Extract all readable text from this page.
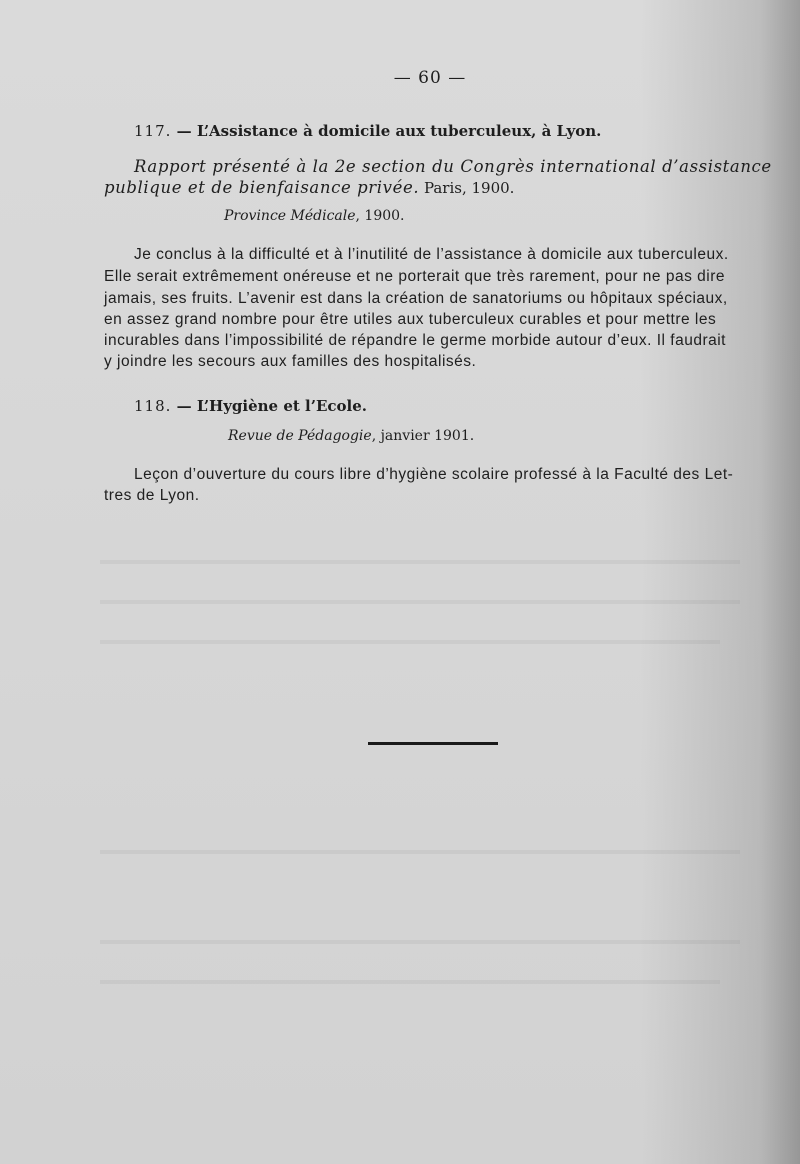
— 60 —

117. — L’Assistance à domicile aux tuberculeux, à Lyon.

Rapport présenté à la 2e section du Congrès international d’assistance

publique et de bienfaisance privée. Paris, 1900.

Province Médicale, 1900.

Je conclus à la difficulté et à l’inutilité de l’assistance à domicile aux tuberculeux.

Elle serait extrêmement onéreuse et ne porterait que très rarement, pour ne pas dire

jamais, ses fruits. L’avenir est dans la création de sanatoriums ou hôpitaux spéciaux,

en assez grand nombre pour être utiles aux tuberculeux curables et pour mettre les

incurables dans l’impossibilité de répandre le germe morbide autour d’eux. Il faudrait

y joindre les secours aux familles des hospitalisés.

118. — L’Hygiène et l’Ecole.

Revue de Pédagogie, janvier 1901.

Leçon d’ouverture du cours libre d’hygiène scolaire professé à la Faculté des Let-

tres de Lyon.
